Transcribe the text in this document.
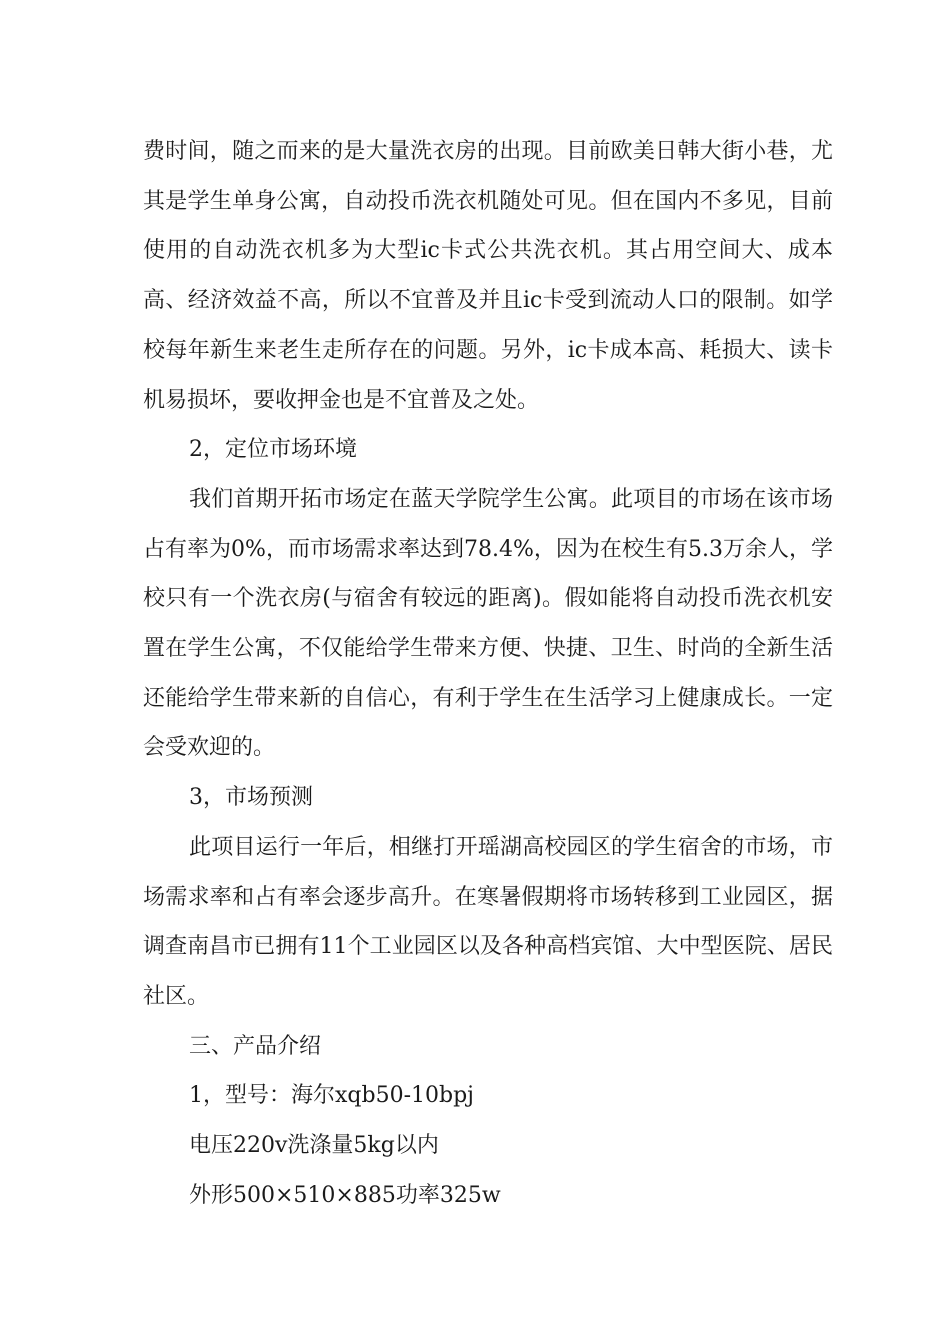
费时间，随之而来的是大量洗衣房的出现。目前欧美日韩大街小巷，尤其是学生单身公寓，自动投币洗衣机随处可见。但在国内不多见，目前使用的自动洗衣机多为大型ic卡式公共洗衣机。其占用空间大、成本高、经济效益不高，所以不宜普及并且ic卡受到流动人口的限制。如学校每年新生来老生走所存在的问题。另外，ic卡成本高、耗损大、读卡机易损坏，要收押金也是不宜普及之处。

2，定位市场环境

我们首期开拓市场定在蓝天学院学生公寓。此项目的市场在该市场占有率为0%，而市场需求率达到78.4%，因为在校生有5.3万余人，学校只有一个洗衣房(与宿舍有较远的距离)。假如能将自动投币洗衣机安置在学生公寓，不仅能给学生带来方便、快捷、卫生、时尚的全新生活还能给学生带来新的自信心，有利于学生在生活学习上健康成长。一定会受欢迎的。

3，市场预测

此项目运行一年后，相继打开瑶湖高校园区的学生宿舍的市场，市场需求率和占有率会逐步高升。在寒暑假期将市场转移到工业园区，据调查南昌市已拥有11个工业园区以及各种高档宾馆、大中型医院、居民社区。

三、产品介绍

1，型号：海尔xqb50-10bpj

电压220v洗涤量5kg以内

外形500×510×885功率325w
